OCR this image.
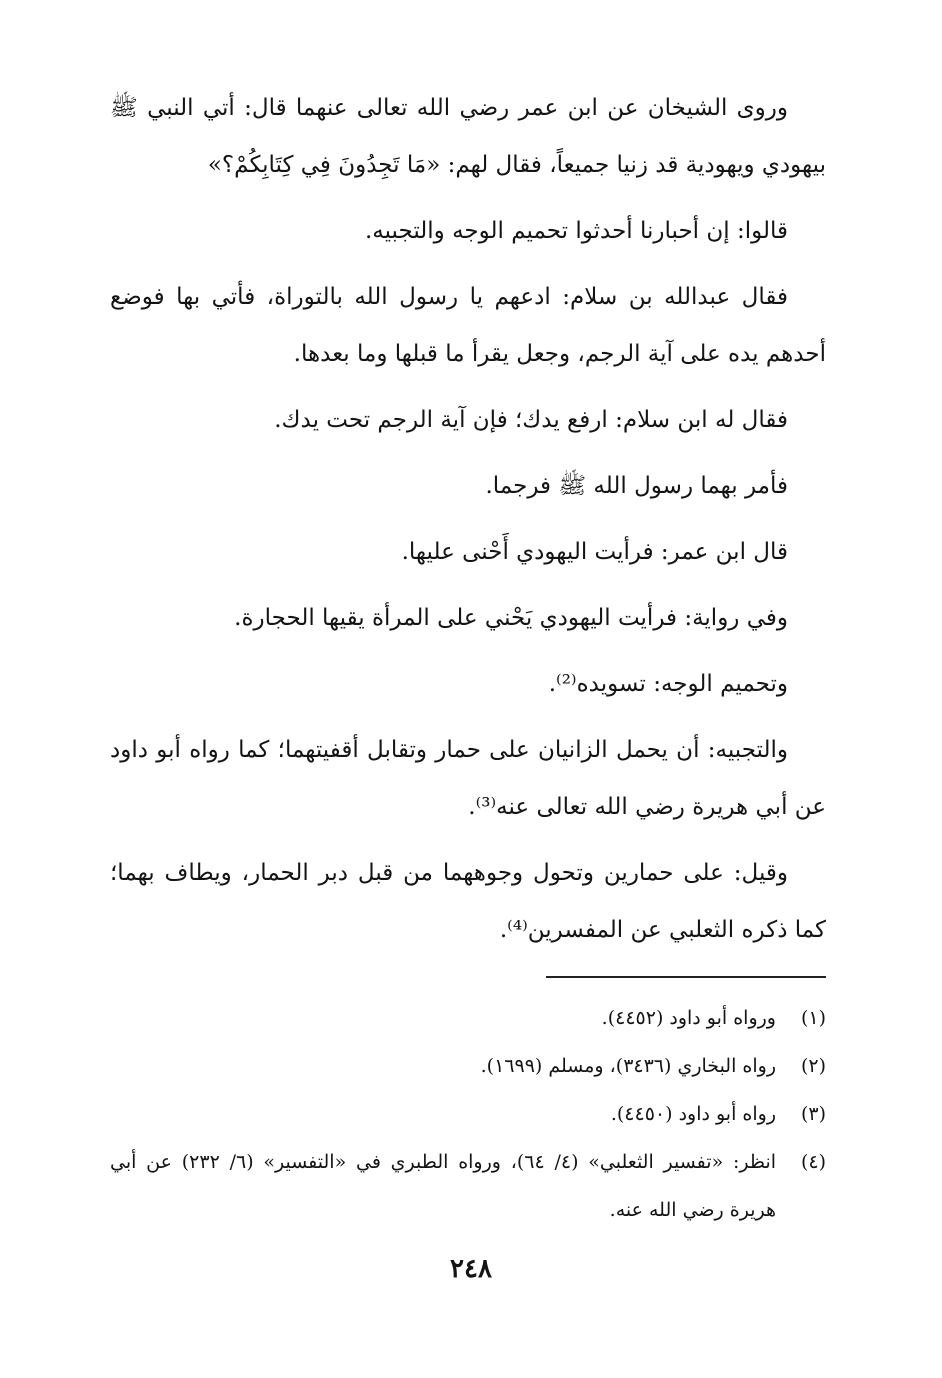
وروى الشيخان عن ابن عمر رضي الله تعالى عنهما قال: أتي النبي ﷺ بيهودي ويهودية قد زنيا جميعاً، فقال لهم: «مَا تَجِدُونَ فِي كِتَابِكُمْ؟»

قالوا: إن أحبارنا أحدثوا تحميم الوجه والتجبيه.

فقال عبدالله بن سلام: ادعهم يا رسول الله بالتوراة، فأتي بها فوضع أحدهم يده على آية الرجم، وجعل يقرأ ما قبلها وما بعدها.

فقال له ابن سلام: ارفع يدك؛ فإن آية الرجم تحت يدك.

فأمر بهما رسول الله ﷺ فرجما.

قال ابن عمر: فرأيت اليهودي أَحْنى عليها.

وفي رواية: فرأيت اليهودي يَحْني على المرأة يقيها الحجارة.

وتحميم الوجه: تسويده⁽²⁾.

والتجبيه: أن يحمل الزانيان على حمار وتقابل أقفيتهما؛ كما رواه أبو داود عن أبي هريرة رضي الله تعالى عنه⁽³⁾.

وقيل: على حمارين وتحول وجوههما من قبل دبر الحمار، ويطاف بهما؛ كما ذكره الثعلبي عن المفسرين⁽⁴⁾.

(١)
ورواه أبو داود (٤٤٥٢).
(٢)
رواه البخاري (٣٤٣٦)، ومسلم (١٦٩٩).
(٣)
رواه أبو داود (٤٤٥٠).
(٤)
انظر: «تفسير الثعلبي» (٤/ ٦٤)، ورواه الطبري في «التفسير» (٦/ ٢٣٢) عن أبي هريرة رضي الله عنه.
٢٤٨
